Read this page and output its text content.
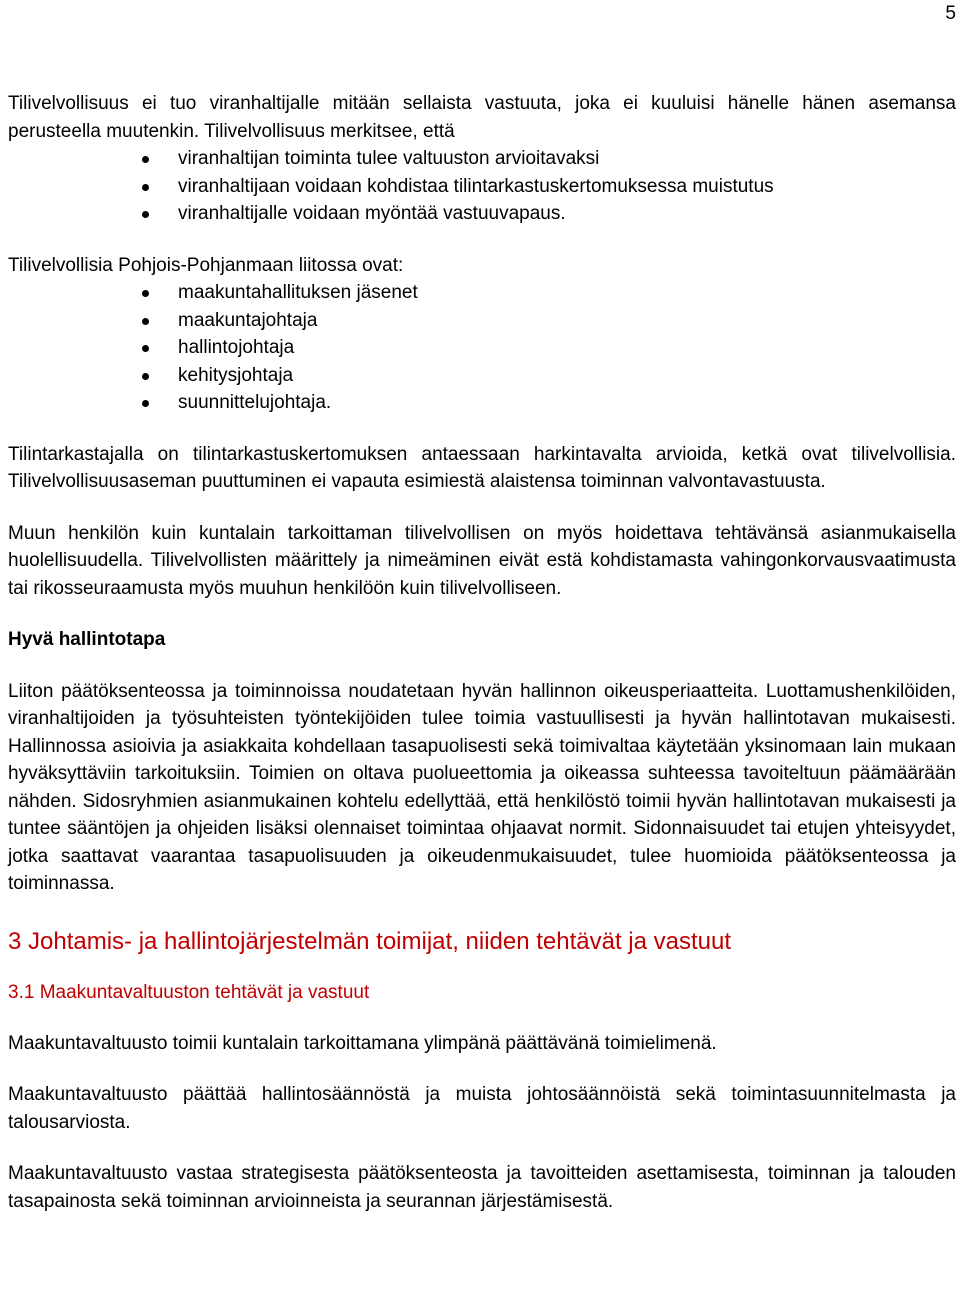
5

Tilivelvollisuus ei tuo viranhaltijalle mitään sellaista vastuuta, joka ei kuuluisi hänelle hänen asemansa perusteella muutenkin. Tilivelvollisuus merkitsee, että

viranhaltijan toiminta tulee valtuuston arvioitavaksi
viranhaltijaan voidaan kohdistaa tilintarkastuskertomuksessa muistutus
viranhaltijalle voidaan myöntää vastuuvapaus.

Tilivelvollisia Pohjois-Pohjanmaan liitossa ovat:

maakuntahallituksen jäsenet
maakuntajohtaja
hallintojohtaja
kehitysjohtaja
suunnittelujohtaja.

Tilintarkastajalla on tilintarkastuskertomuksen antaessaan harkintavalta arvioida, ketkä ovat tilivelvollisia. Tilivelvollisuusaseman puuttuminen ei vapauta esimiestä alaistensa toiminnan valvontavastuusta.

Muun henkilön kuin kuntalain tarkoittaman tilivelvollisen on myös hoidettava tehtävänsä asianmukaisella huolellisuudella. Tilivelvollisten määrittely ja nimeäminen eivät estä kohdistamasta vahingonkorvausvaatimusta tai rikosseuraamusta myös muuhun henkilöön kuin tilivelvolliseen.

Hyvä hallintotapa

Liiton päätöksenteossa ja toiminnoissa noudatetaan hyvän hallinnon oikeusperiaatteita. Luottamushenkilöiden, viranhaltijoiden ja työsuhteisten työntekijöiden tulee toimia vastuullisesti ja hyvän hallintotavan mukaisesti. Hallinnossa asioivia ja asiakkaita kohdellaan tasapuolisesti sekä toimivaltaa käytetään yksinomaan lain mukaan hyväksyttäviin tarkoituksiin. Toimien on oltava puolueettomia ja oikeassa suhteessa tavoiteltuun päämäärään nähden. Sidosryhmien asianmukainen kohtelu edellyttää, että henkilöstö toimii hyvän hallintotavan mukaisesti ja tuntee sääntöjen ja ohjeiden lisäksi olennaiset toimintaa ohjaavat normit. Sidonnaisuudet tai etujen yhteisyydet, jotka saattavat vaarantaa tasapuolisuuden ja oikeudenmukaisuudet, tulee huomioida päätöksenteossa ja toiminnassa.

3 Johtamis- ja hallintojärjestelmän toimijat, niiden tehtävät ja vastuut

3.1 Maakuntavaltuuston tehtävät ja vastuut

Maakuntavaltuusto toimii kuntalain tarkoittamana ylimpänä päättävänä toimielimenä.

Maakuntavaltuusto päättää hallintosäännöstä ja muista johtosäännöistä sekä toimintasuunnitelmasta ja talousarviosta.

Maakuntavaltuusto vastaa strategisesta päätöksenteosta ja tavoitteiden asettamisesta, toiminnan ja talouden tasapainosta sekä toiminnan arvioinneista ja seurannan järjestämisestä.
